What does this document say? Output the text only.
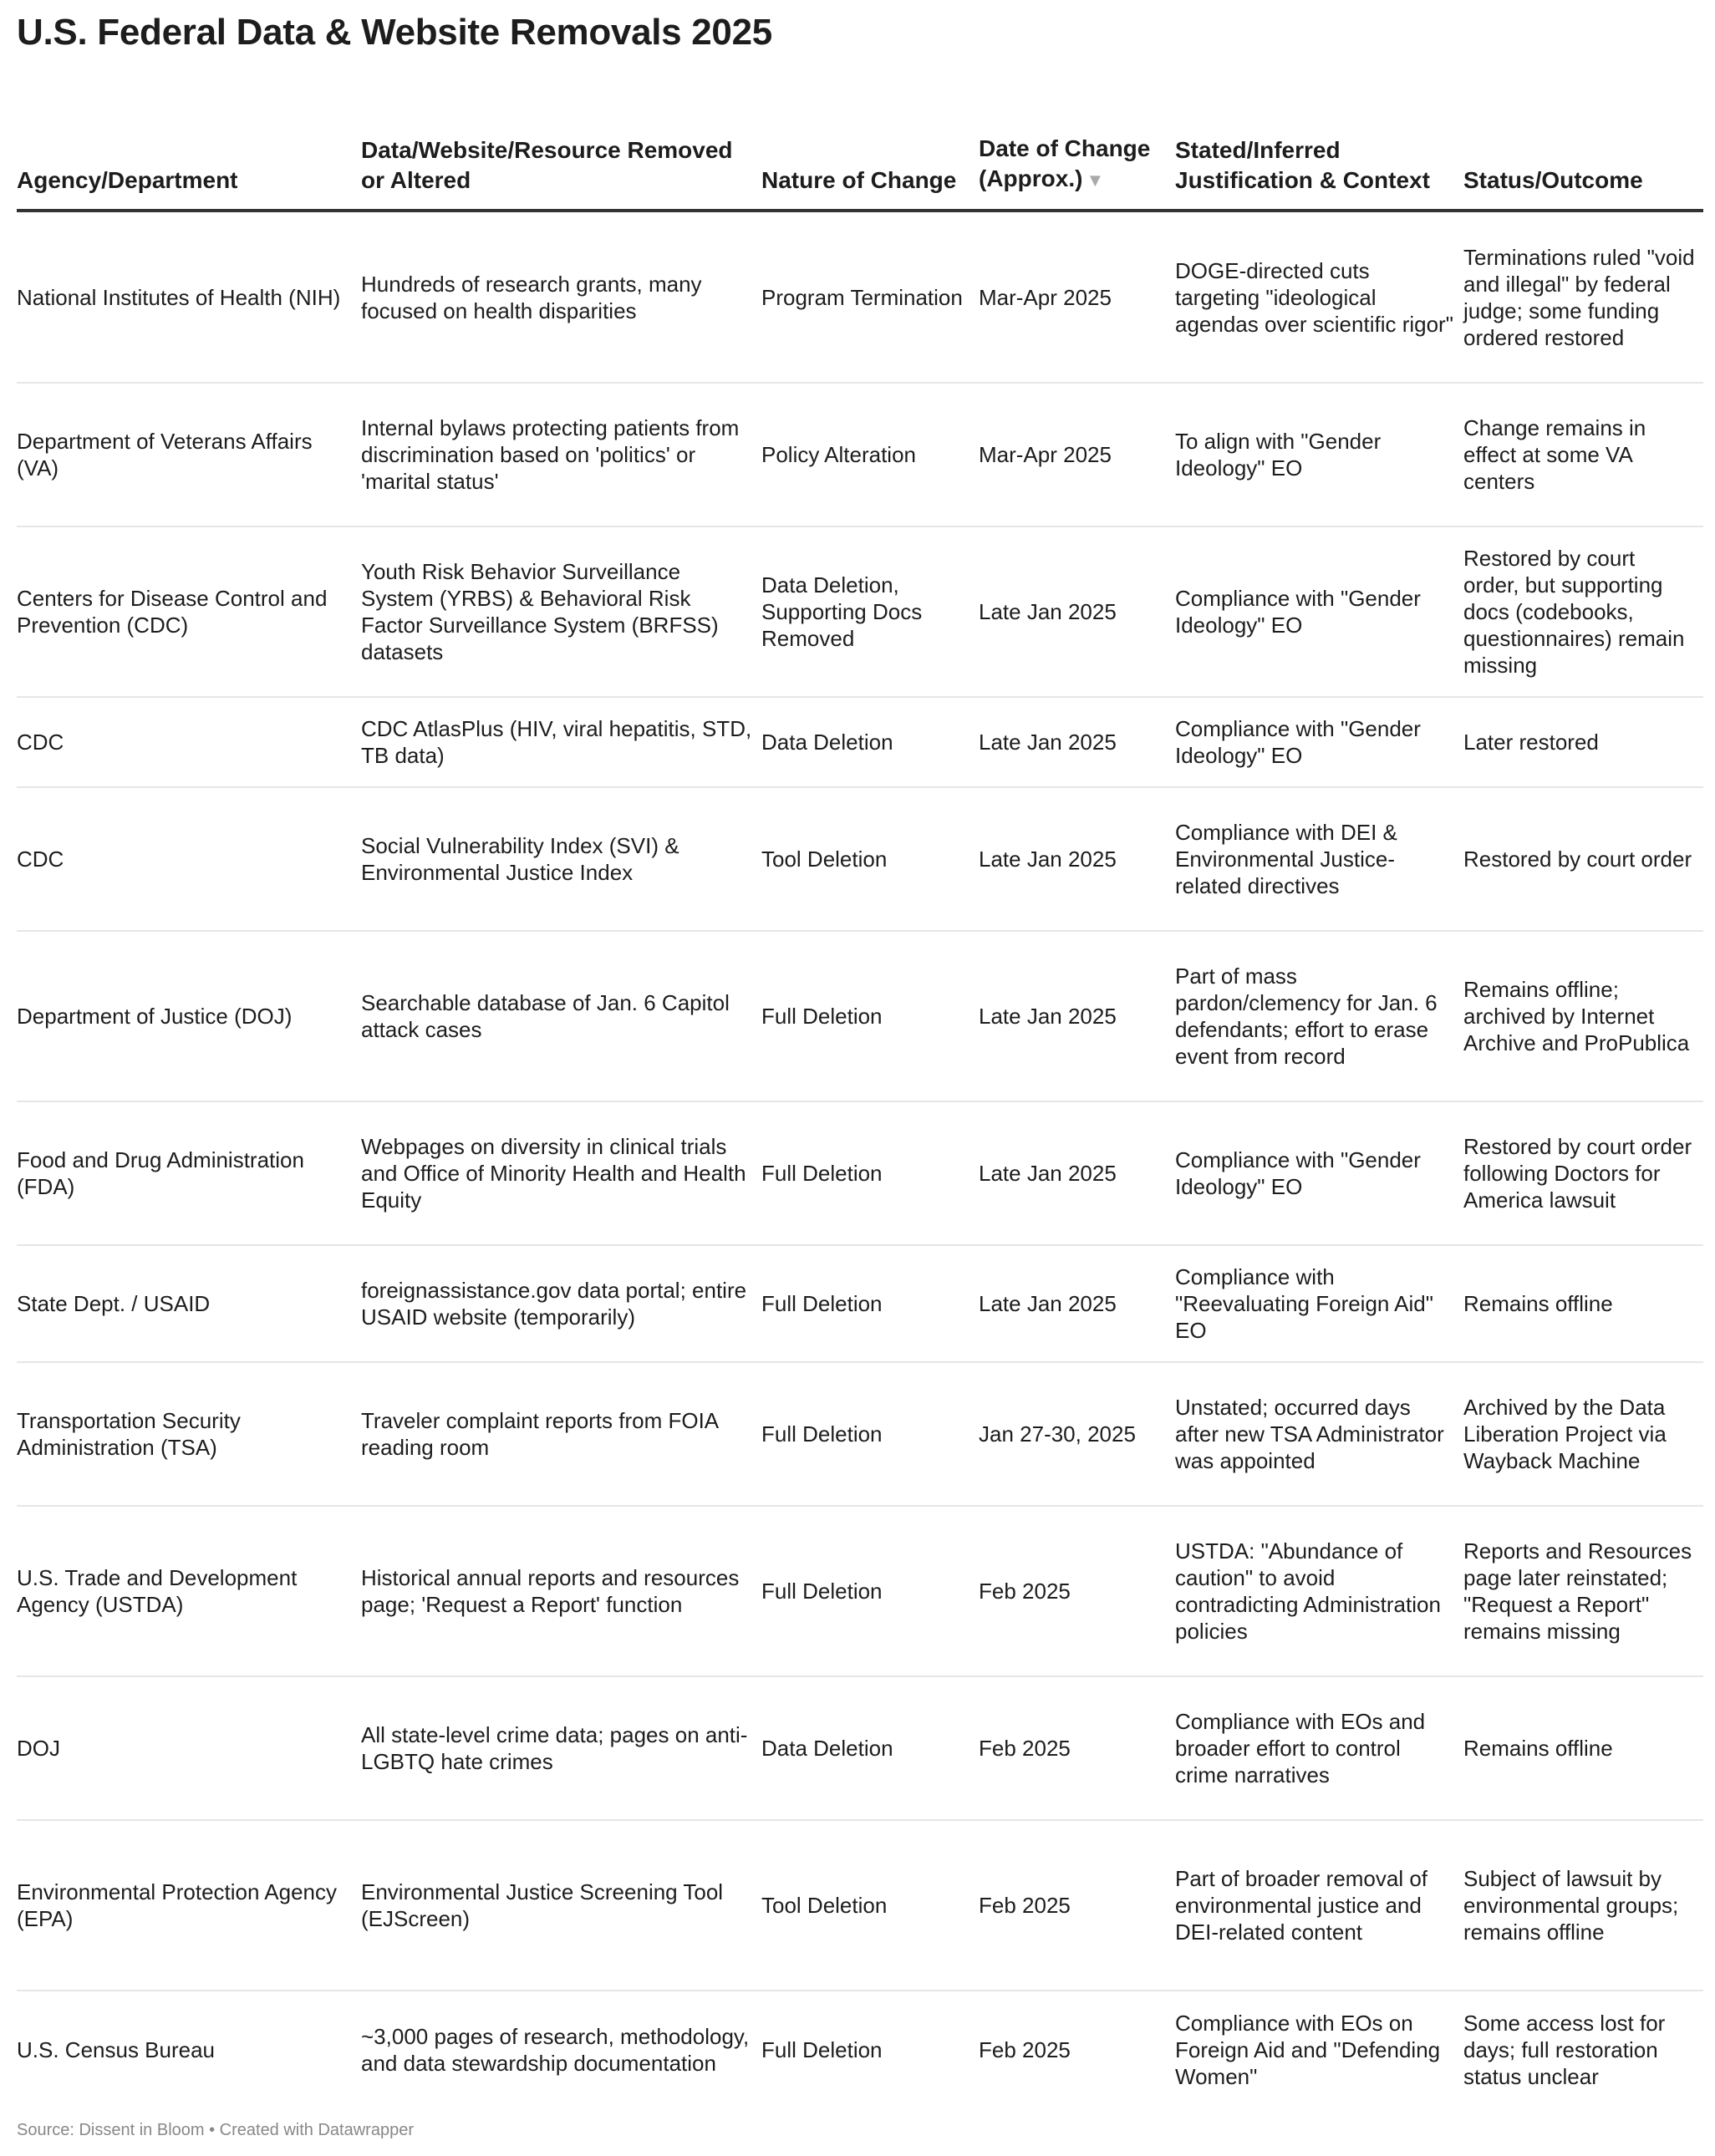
U.S. Federal Data & Website Removals 2025
Agency/Department	Data/Website/Resource Removed or Altered	Nature of Change	Date of Change (Approx.) ▼	Stated/Inferred Justification & Context	Status/Outcome
National Institutes of Health (NIH)	Hundreds of research grants, many focused on health disparities	Program Termination	Mar-Apr 2025	DOGE-directed cuts targeting "ideological agendas over scientific rigor"	Terminations ruled "void and illegal" by federal judge; some funding ordered restored
Department of Veterans Affairs (VA)	Internal bylaws protecting patients from discrimination based on 'politics' or 'marital status'	Policy Alteration	Mar-Apr 2025	To align with "Gender Ideology" EO	Change remains in effect at some VA centers
Centers for Disease Control and Prevention (CDC)	Youth Risk Behavior Surveillance System (YRBS) & Behavioral Risk Factor Surveillance System (BRFSS) datasets	Data Deletion, Supporting Docs Removed	Late Jan 2025	Compliance with "Gender Ideology" EO	Restored by court order, but supporting docs (codebooks, questionnaires) remain missing
CDC	CDC AtlasPlus (HIV, viral hepatitis, STD, TB data)	Data Deletion	Late Jan 2025	Compliance with "Gender Ideology" EO	Later restored
CDC	Social Vulnerability Index (SVI) & Environmental Justice Index	Tool Deletion	Late Jan 2025	Compliance with DEI & Environmental Justice-related directives	Restored by court order
Department of Justice (DOJ)	Searchable database of Jan. 6 Capitol attack cases	Full Deletion	Late Jan 2025	Part of mass pardon/clemency for Jan. 6 defendants; effort to erase event from record	Remains offline; archived by Internet Archive and ProPublica
Food and Drug Administration (FDA)	Webpages on diversity in clinical trials and Office of Minority Health and Health Equity	Full Deletion	Late Jan 2025	Compliance with "Gender Ideology" EO	Restored by court order following Doctors for America lawsuit
State Dept. / USAID	foreignassistance.gov data portal; entire USAID website (temporarily)	Full Deletion	Late Jan 2025	Compliance with "Reevaluating Foreign Aid" EO	Remains offline
Transportation Security Administration (TSA)	Traveler complaint reports from FOIA reading room	Full Deletion	Jan 27-30, 2025	Unstated; occurred days after new TSA Administrator was appointed	Archived by the Data Liberation Project via Wayback Machine
U.S. Trade and Development Agency (USTDA)	Historical annual reports and resources page; 'Request a Report' function	Full Deletion	Feb 2025	USTDA: "Abundance of caution" to avoid contradicting Administration policies	Reports and Resources page later reinstated; "Request a Report" remains missing
DOJ	All state-level crime data; pages on anti-LGBTQ hate crimes	Data Deletion	Feb 2025	Compliance with EOs and broader effort to control crime narratives	Remains offline
Environmental Protection Agency (EPA)	Environmental Justice Screening Tool (EJScreen)	Tool Deletion	Feb 2025	Part of broader removal of environmental justice and DEI-related content	Subject of lawsuit by environmental groups; remains offline
U.S. Census Bureau	~3,000 pages of research, methodology, and data stewardship documentation	Full Deletion	Feb 2025	Compliance with EOs on Foreign Aid and "Defending Women"	Some access lost for days; full restoration status unclear
Source: Dissent in Bloom • Created with Datawrapper
